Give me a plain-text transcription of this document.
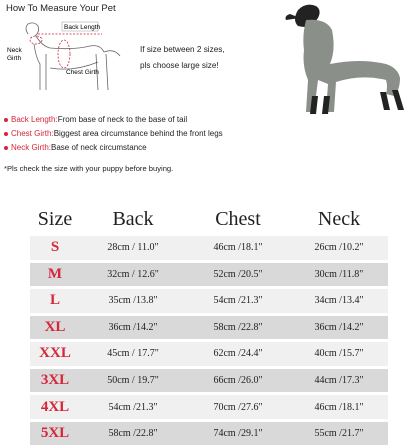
How To Measure Your Pet
Back Length
Neck Girth
Chest Girth
If size between 2 sizes,
pls choose large size!
Back Length: From base of neck to the base of tail
Chest Girth: Biggest area circumstance behind the front legs
Neck Girth: Base of neck circumstance
*Pls check the size with your puppy before buying.
Size	Back	Chest	Neck
S	28cm / 11.0"	46cm /18.1"	26cm /10.2"
M	32cm / 12.6"	52cm /20.5"	30cm /11.8"
L	35cm /13.8"	54cm /21.3"	34cm /13.4"
XL	36cm /14.2"	58cm /22.8"	36cm /14.2"
XXL	45cm / 17.7"	62cm /24.4"	40cm /15.7"
3XL	50cm / 19.7"	66cm /26.0"	44cm /17.3"
4XL	54cm /21.3"	70cm /27.6"	46cm /18.1"
5XL	58cm /22.8"	74cm /29.1"	55cm /21.7"
